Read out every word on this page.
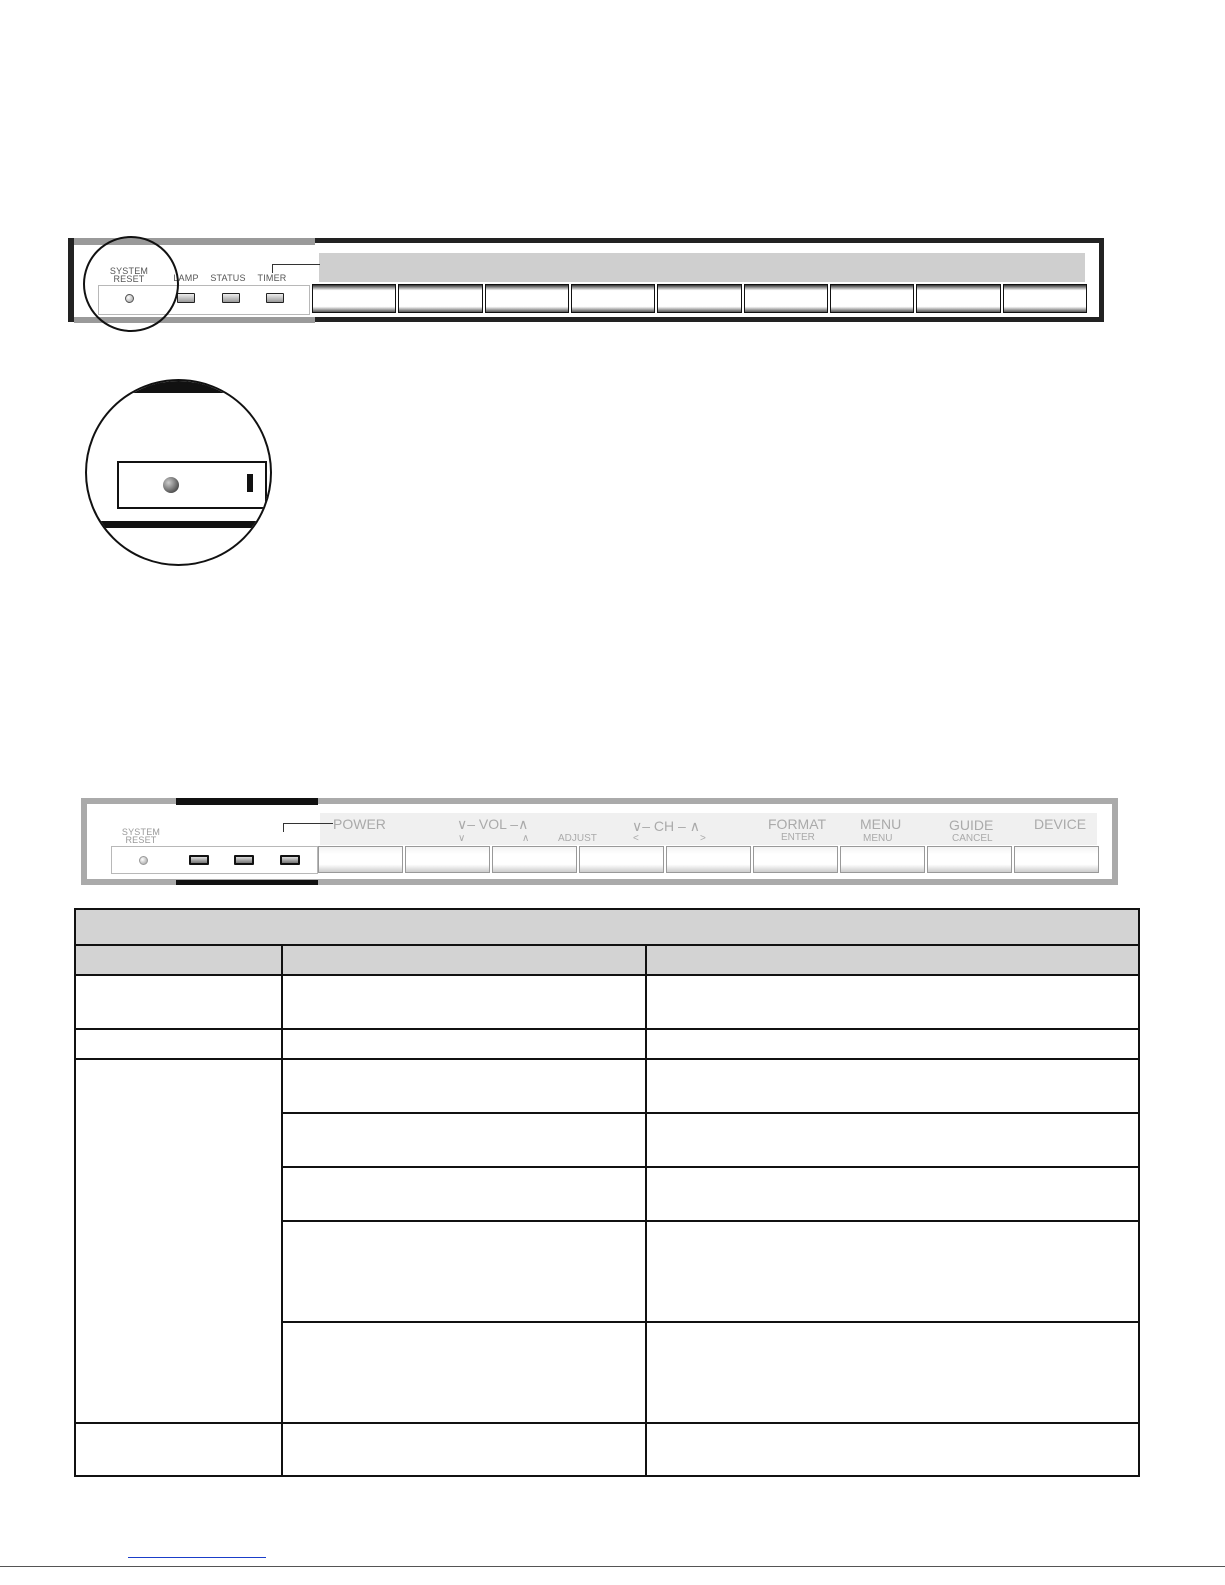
SYSTEM
RESET	LAMP	STATUS	TIMER
SYSTEM
RESET
POWER	∨– VOL –∧
∨	∧	ADJUST
∨– CH – ∧
<	>
FORMAT
ENTER
MENU
MENU
GUIDE
CANCEL
DEVICE
